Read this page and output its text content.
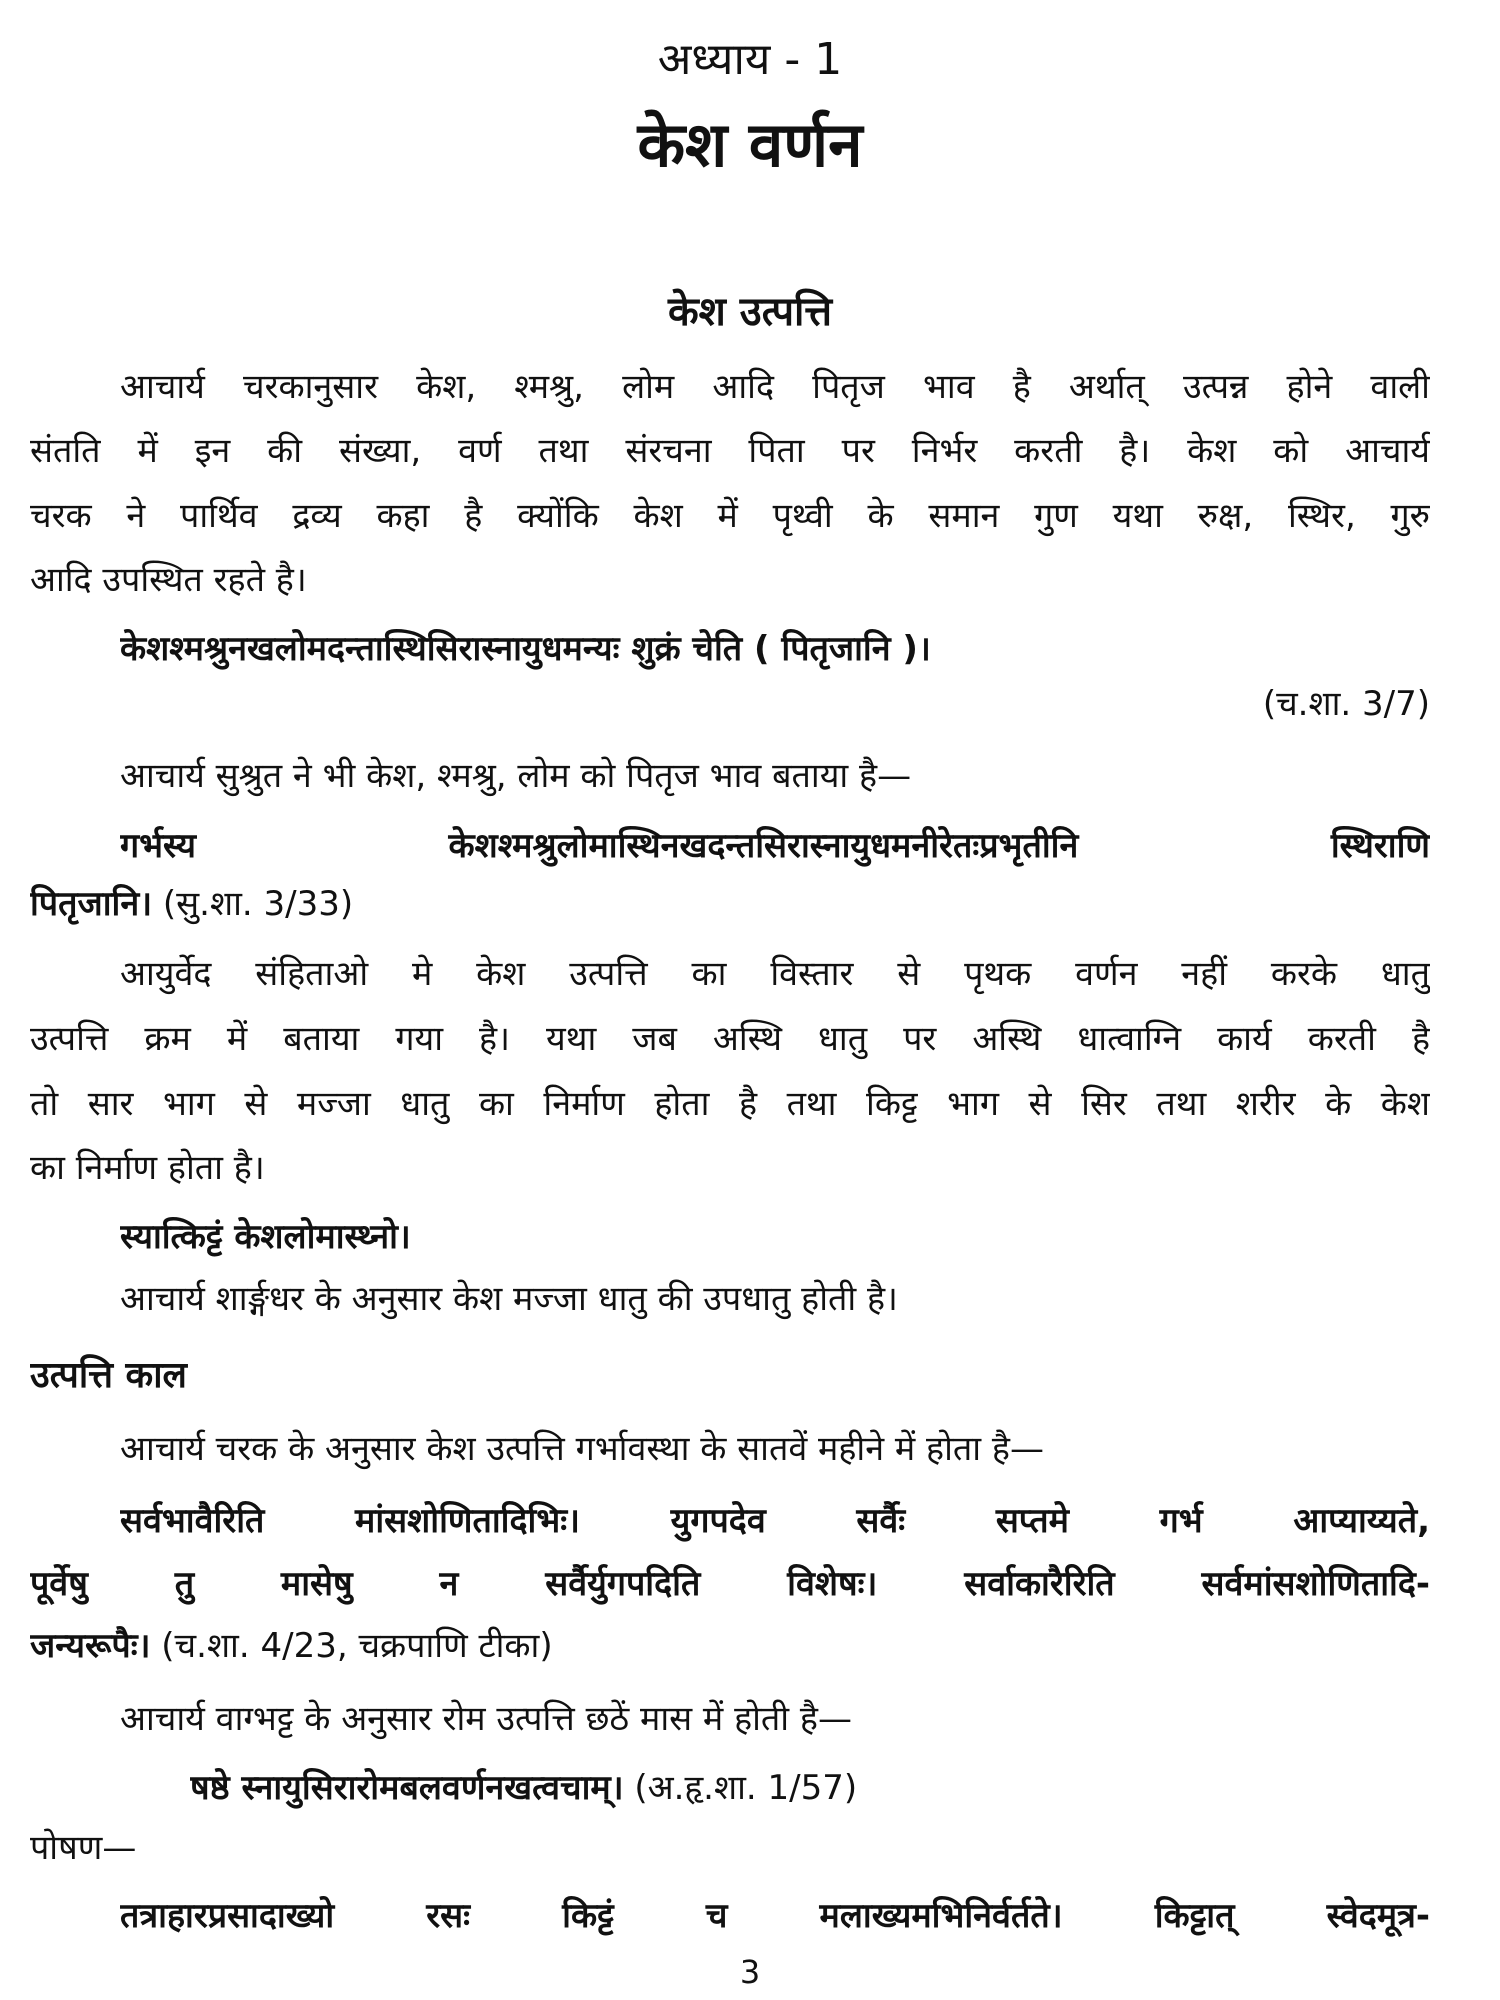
अध्याय - 1
केश वर्णन
केश उत्पत्ति
आचार्य चरकानुसार केश, श्मश्रु, लोम आदि पितृज भाव है अर्थात् उत्पन्न होने वाली
संतति में इन की संख्या, वर्ण तथा संरचना पिता पर निर्भर करती है। केश को आचार्य
चरक ने पार्थिव द्रव्य कहा है क्योंकि केश में पृथ्वी के समान गुण यथा रुक्ष, स्थिर, गुरु
आदि उपस्थित रहते है।
केशश्मश्रुनखलोमदन्तास्थिसिरास्नायुधमन्यः शुक्रं चेति ( पितृजानि )।
(च.शा. 3/7)
आचार्य सुश्रुत ने भी केश, श्मश्रु, लोम को पितृज भाव बताया है—
गर्भस्य केशश्मश्रुलोमास्थिनखदन्तसिरास्नायुधमनीरेतःप्रभृतीनि स्थिराणि
पितृजानि। (सु.शा. 3/33)
आयुर्वेद संहिताओ मे केश उत्पत्ति का विस्तार से पृथक वर्णन नहीं करके धातु
उत्पत्ति क्रम में बताया गया है। यथा जब अस्थि धातु पर अस्थि धात्वाग्नि कार्य करती है
तो सार भाग से मज्जा धातु का निर्माण होता है तथा किट्ट भाग से सिर तथा शरीर के केश
का निर्माण होता है।
स्यात्किट्टं केशलोमास्थ्नो।
आचार्य शार्ङ्गधर के अनुसार केश मज्जा धातु की उपधातु होती है।
उत्पत्ति काल
आचार्य चरक के अनुसार केश उत्पत्ति गर्भावस्था के सातवें महीने में होता है—
सर्वभावैरिति मांसशोणितादिभिः। युगपदेव सर्वैः सप्तमे गर्भ आप्याय्यते,
पूर्वेषु तु मासेषु न सर्वैर्युगपदिति विशेषः। सर्वाकारैरिति सर्वमांसशोणितादि-
जन्यरूपैः। (च.शा. 4/23, चक्रपाणि टीका)
आचार्य वाग्भट्ट के अनुसार रोम उत्पत्ति छठें मास में होती है—
षष्ठे स्नायुसिरारोमबलवर्णनखत्वचाम्। (अ.हृ.शा. 1/57)
पोषण—
तत्राहारप्रसादाख्यो रसः किट्टं च मलाख्यमभिनिर्वर्तते। किट्टात् स्वेदमूत्र-
3
